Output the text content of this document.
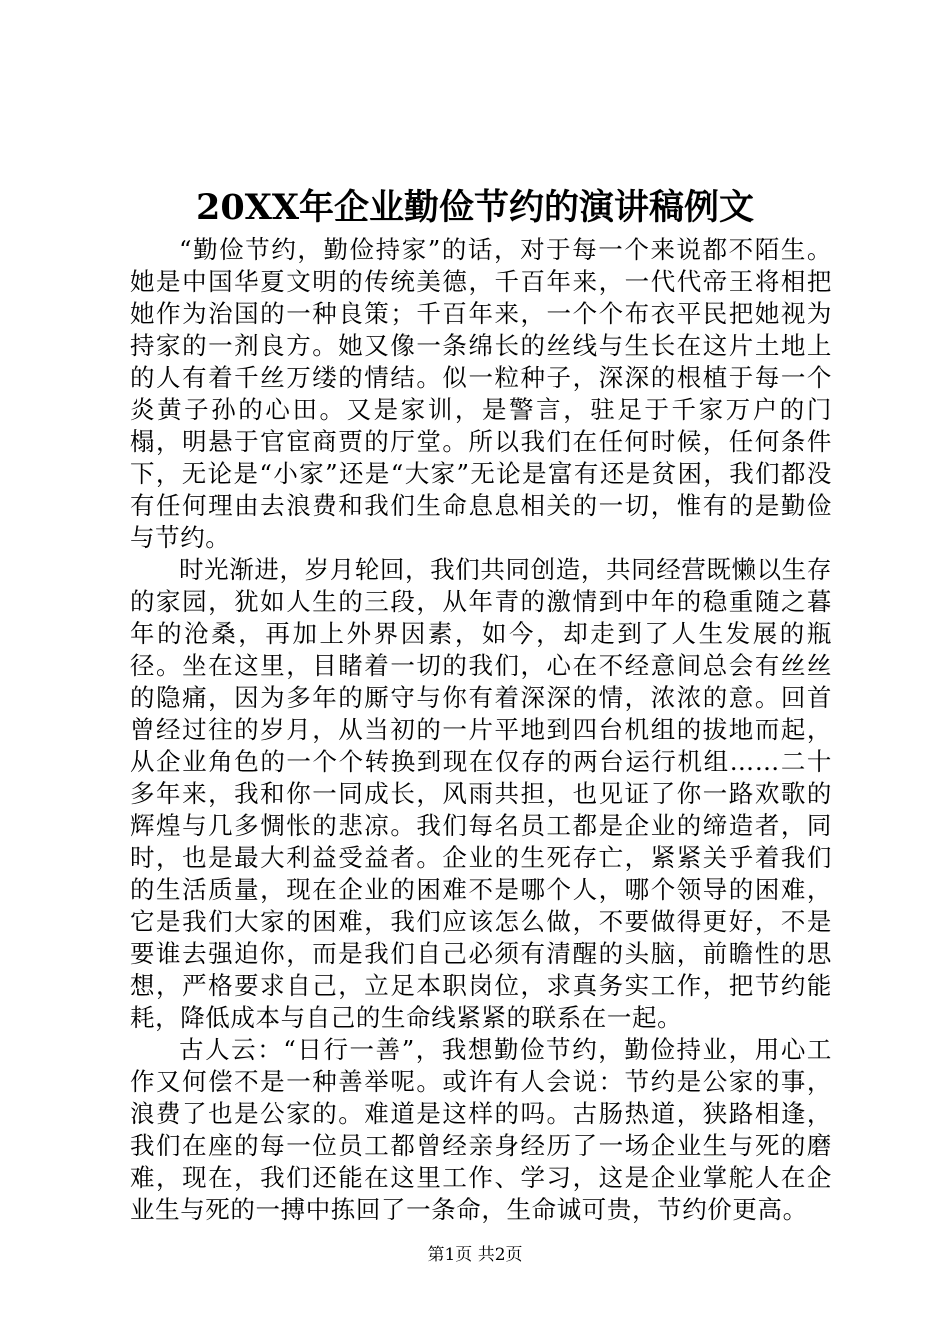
20XX年企业勤俭节约的演讲稿例文

“勤俭节约，勤俭持家”的话，对于每一个来说都不陌生。她是中国华夏文明的传统美德，千百年来，一代代帝王将相把她作为治国的一种良策；千百年来，一个个布衣平民把她视为持家的一剂良方。她又像一条绵长的丝线与生长在这片土地上的人有着千丝万缕的情结。似一粒种子，深深的根植于每一个炎黄子孙的心田。又是家训，是警言，驻足于千家万户的门榻，明悬于官宦商贾的厅堂。所以我们在任何时候，任何条件下，无论是“小家”还是“大家”无论是富有还是贫困，我们都没有任何理由去浪费和我们生命息息相关的一切，惟有的是勤俭与节约。

时光渐进，岁月轮回，我们共同创造，共同经营既懒以生存的家园，犹如人生的三段，从年青的激情到中年的稳重随之暮年的沧桑，再加上外界因素，如今，却走到了人生发展的瓶径。坐在这里，目睹着一切的我们，心在不经意间总会有丝丝的隐痛，因为多年的厮守与你有着深深的情，浓浓的意。回首曾经过往的岁月，从当初的一片平地到四台机组的拔地而起，从企业角色的一个个转换到现在仅存的两台运行机组……二十多年来，我和你一同成长，风雨共担，也见证了你一路欢歌的辉煌与几多惆怅的悲凉。我们每名员工都是企业的缔造者，同时，也是最大利益受益者。企业的生死存亡，紧紧关乎着我们的生活质量，现在企业的困难不是哪个人，哪个领导的困难，它是我们大家的困难，我们应该怎么做，不要做得更好，不是要谁去强迫你，而是我们自己必须有清醒的头脑，前瞻性的思想，严格要求自己，立足本职岗位，求真务实工作，把节约能耗，降低成本与自己的生命线紧紧的联系在一起。

古人云：“日行一善”，我想勤俭节约，勤俭持业，用心工作又何偿不是一种善举呢。或许有人会说：节约是公家的事，浪费了也是公家的。难道是这样的吗。古肠热道，狭路相逢，我们在座的每一位员工都曾经亲身经历了一场企业生与死的磨难，现在，我们还能在这里工作、学习，这是企业掌舵人在企业生与死的一搏中拣回了一条命，生命诚可贵，节约价更高。

第1页 共2页
